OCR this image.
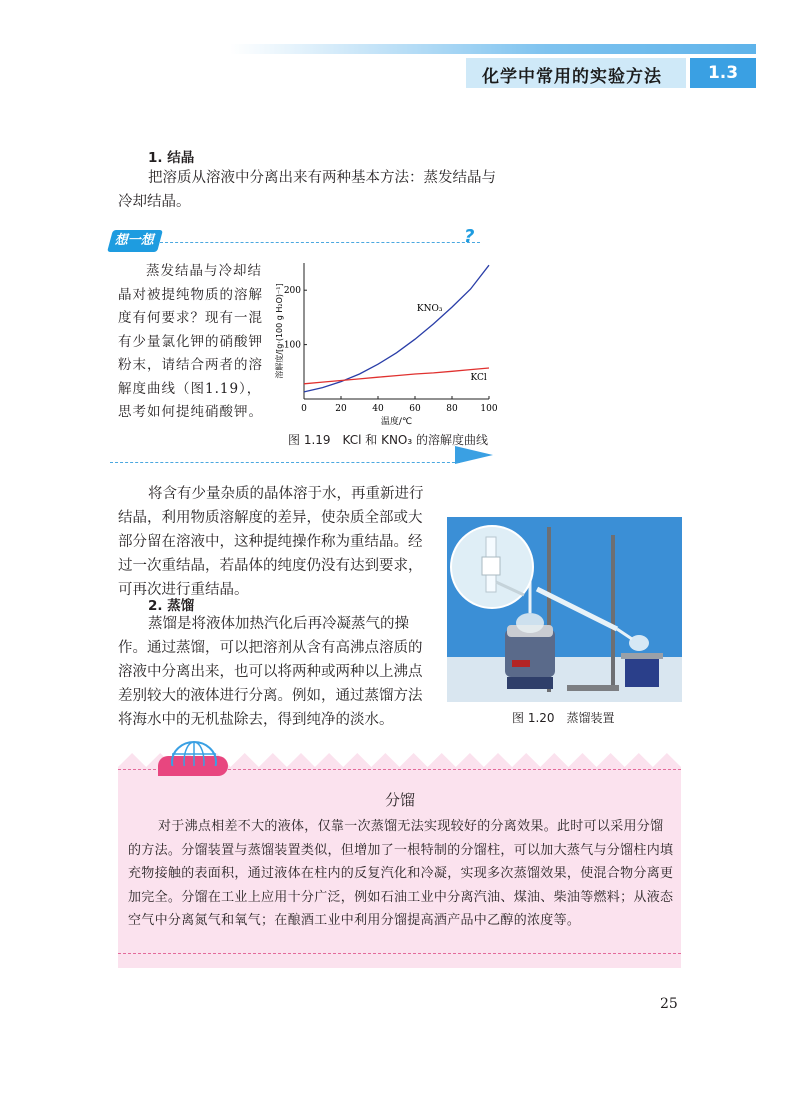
化学中常用的实验方法	1.3
1. 结晶
把溶质从溶液中分离出来有两种基本方法：蒸发结晶与冷却结晶。
想一想	?
蒸发结晶与冷却结晶对被提纯物质的溶解度有何要求？现有一混有少量氯化钾的硝酸钾粉末，请结合两者的溶解度曲线（图1.19），思考如何提纯硝酸钾。	0	20	40	60	80	100
100
200
温度/℃
溶解度/[g·(100 g H₂O)⁻¹]	KNO₃
KCl
图 1.19　KCl 和 KNO₃ 的溶解度曲线
将含有少量杂质的晶体溶于水，再重新进行结晶，利用物质溶解度的差异，使杂质全部或大部分留在溶液中，这种提纯操作称为重结晶。经过一次重结晶，若晶体的纯度仍没有达到要求，可再次进行重结晶。
2. 蒸馏
蒸馏是将液体加热汽化后再冷凝蒸气的操作。通过蒸馏，可以把溶剂从含有高沸点溶质的溶液中分离出来，也可以将两种或两种以上沸点差别较大的液体进行分离。例如，通过蒸馏方法将海水中的无机盐除去，得到纯净的淡水。	图 1.20　蒸馏装置
分馏
对于沸点相差不大的液体，仅靠一次蒸馏无法实现较好的分离效果。此时可以采用分馏的方法。分馏装置与蒸馏装置类似，但增加了一根特制的分馏柱，可以加大蒸气与分馏柱内填充物接触的表面积，通过液体在柱内的反复汽化和冷凝，实现多次蒸馏效果，使混合物分离更加完全。分馏在工业上应用十分广泛，例如石油工业中分离汽油、煤油、柴油等燃料；从液态空气中分离氮气和氧气；在酿酒工业中利用分馏提高酒产品中乙醇的浓度等。
25
